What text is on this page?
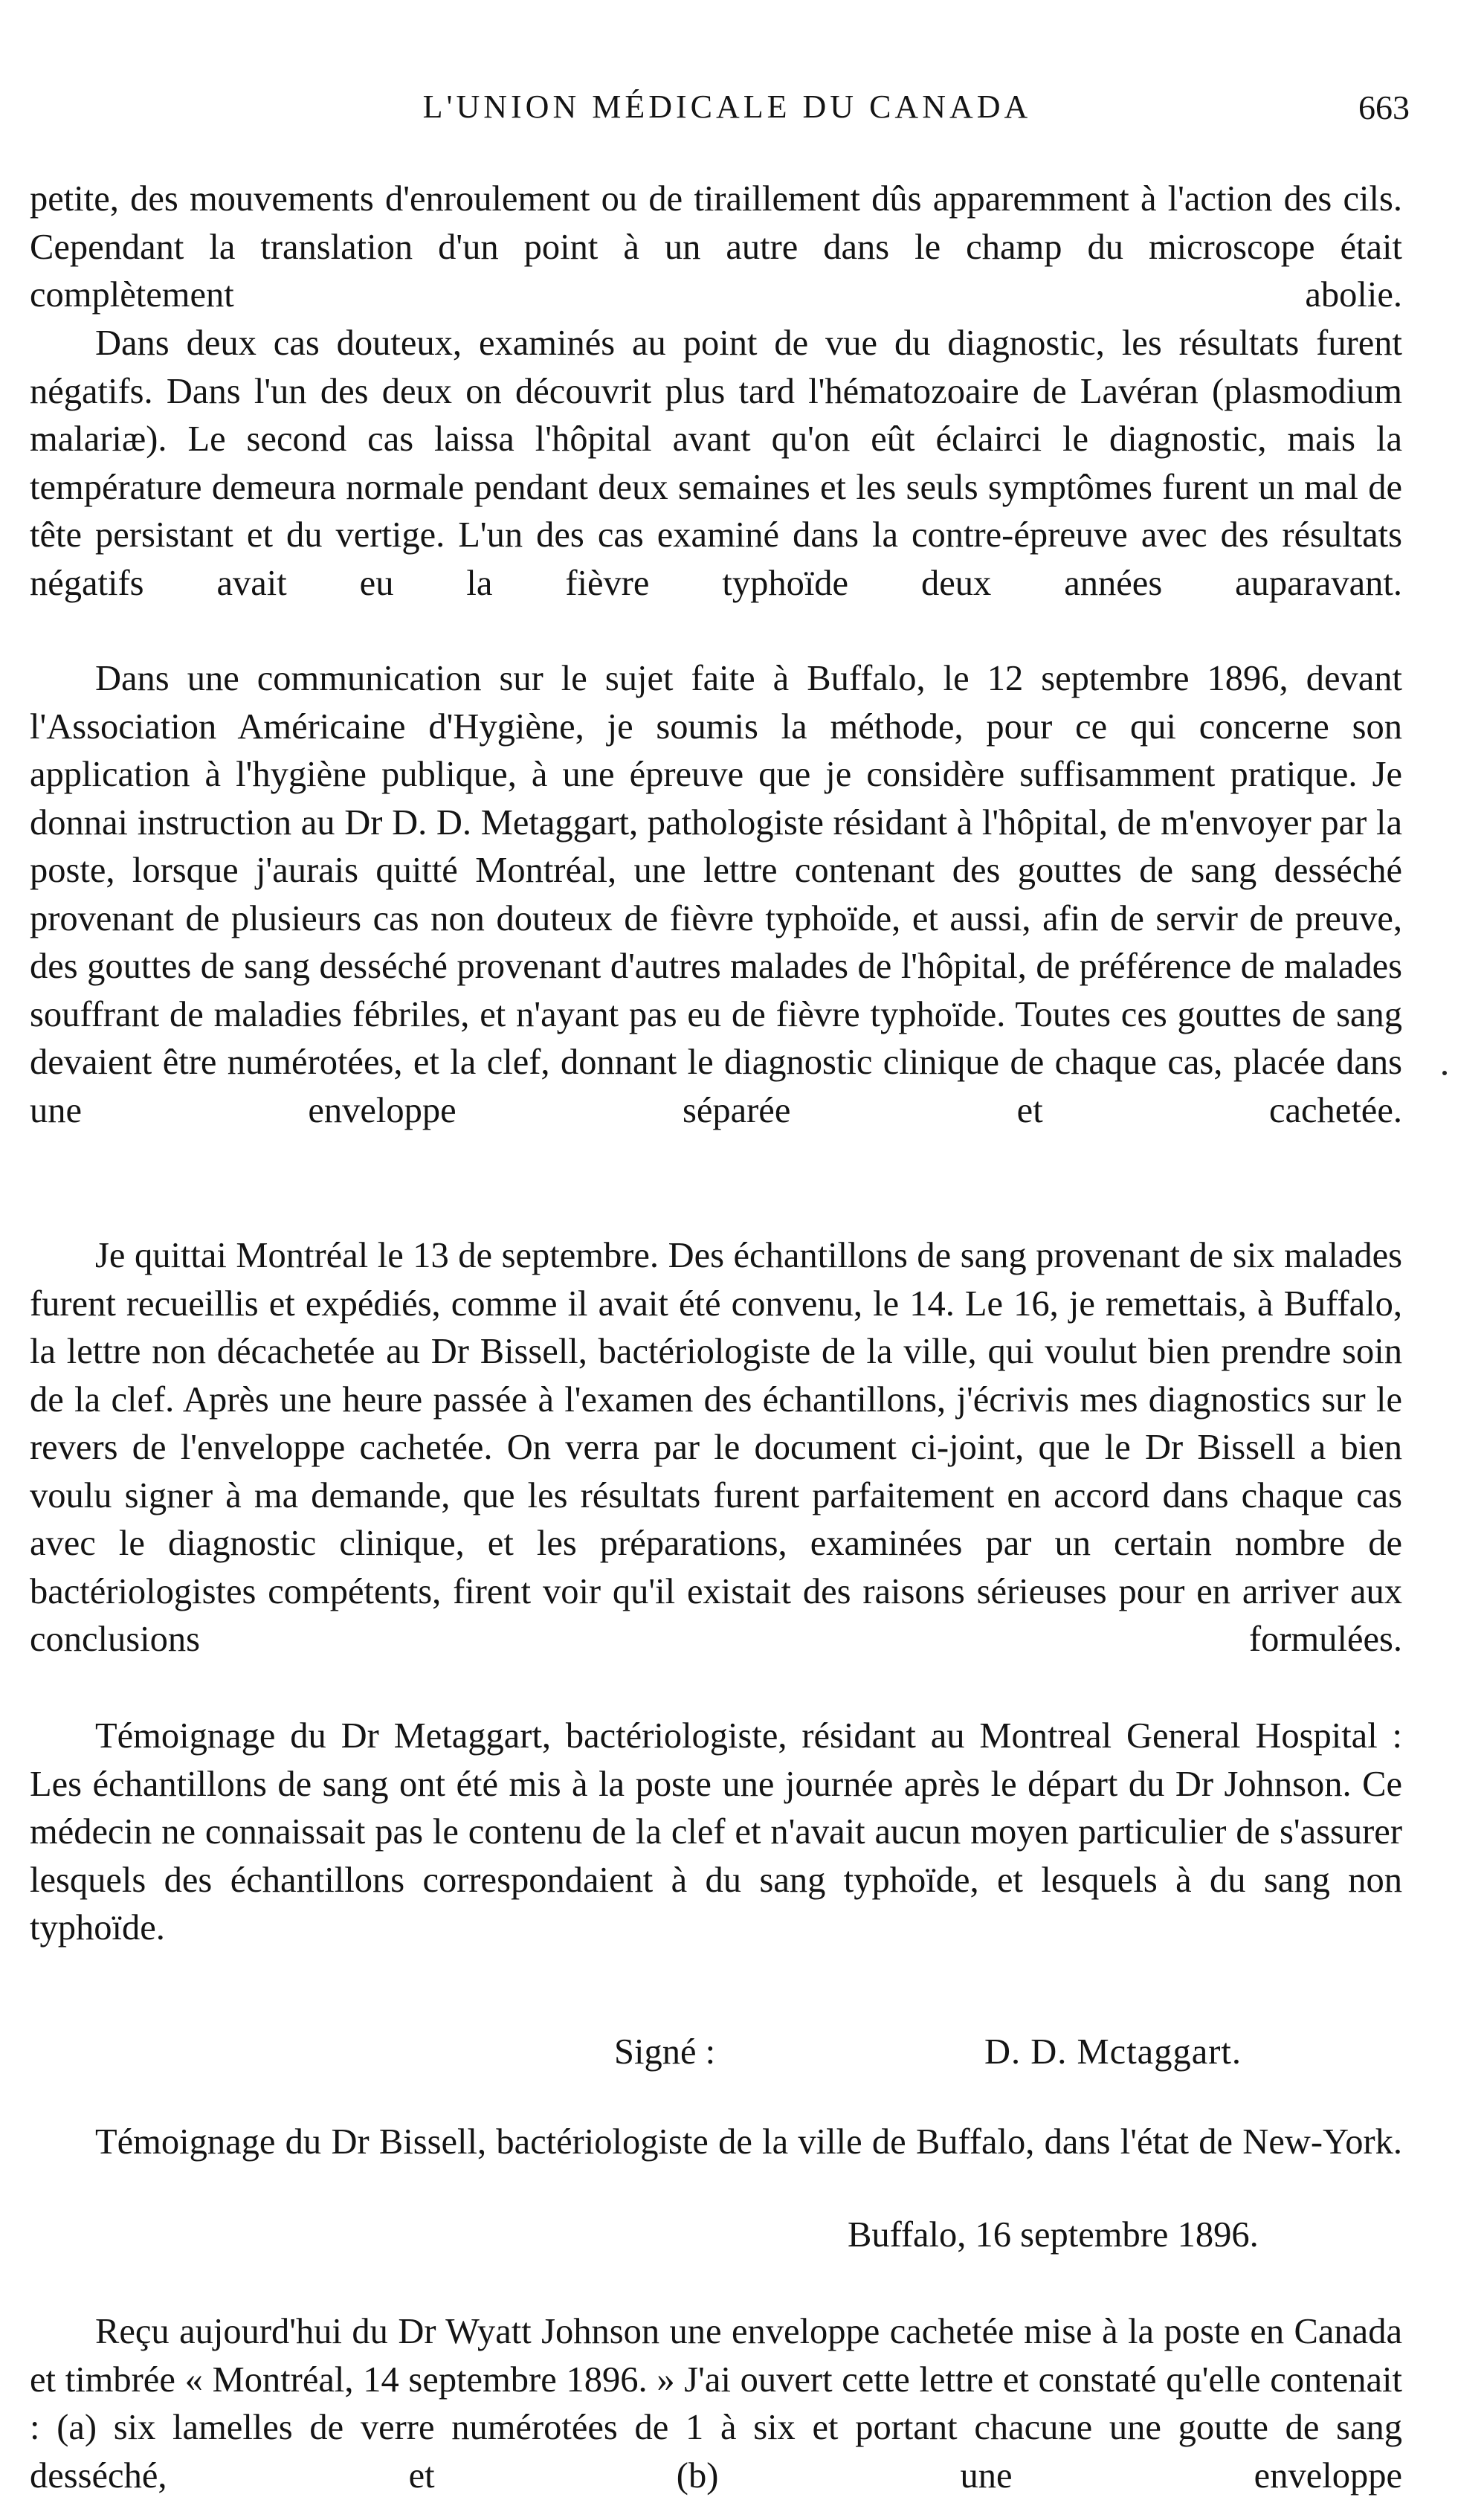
L'UNION MÉDICALE DU CANADA	663
petite, des mouvements d'enroulement ou de tiraillement dûs apparemment à l'action des cils. Cependant la translation d'un point à un autre dans le champ du microscope était complètement abolie.
Dans deux cas douteux, examinés au point de vue du diagnostic, les résultats furent négatifs. Dans l'un des deux on découvrit plus tard l'hématozoaire de Lavéran (plasmodium malariæ). Le second cas laissa l'hôpital avant qu'on eût éclairci le diagnostic, mais la température demeura normale pendant deux semaines et les seuls symptômes furent un mal de tête persistant et du vertige. L'un des cas examiné dans la contre-épreuve avec des résultats négatifs avait eu la fièvre typhoïde deux années auparavant.
Dans une communication sur le sujet faite à Buffalo, le 12 septembre 1896, devant l'Association Américaine d'Hygiène, je soumis la méthode, pour ce qui concerne son application à l'hygiène publique, à une épreuve que je considère suffisamment pratique. Je donnai instruction au Dr D. D. Metaggart, pathologiste résidant à l'hôpital, de m'envoyer par la poste, lorsque j'aurais quitté Montréal, une lettre contenant des gouttes de sang desséché provenant de plusieurs cas non douteux de fièvre typhoïde, et aussi, afin de servir de preuve, des gouttes de sang desséché provenant d'autres malades de l'hôpital, de préférence de malades souffrant de maladies fébriles, et n'ayant pas eu de fièvre typhoïde. Toutes ces gouttes de sang devaient être numérotées, et la clef, donnant le diagnostic clinique de chaque cas, placée dans une enveloppe séparée et cachetée.
Je quittai Montréal le 13 de septembre. Des échantillons de sang provenant de six malades furent recueillis et expédiés, comme il avait été convenu, le 14. Le 16, je remettais, à Buffalo, la lettre non décachetée au Dr Bissell, bactériologiste de la ville, qui voulut bien prendre soin de la clef. Après une heure passée à l'examen des échantillons, j'écrivis mes diagnostics sur le revers de l'enveloppe cachetée. On verra par le document ci-joint, que le Dr Bissell a bien voulu signer à ma demande, que les résultats furent parfaitement en accord dans chaque cas avec le diagnostic clinique, et les préparations, examinées par un certain nombre de bactériologistes compétents, firent voir qu'il existait des raisons sérieuses pour en arriver aux conclusions formulées.
Témoignage du Dr Metaggart, bactériologiste, résidant au Montreal General Hospital : Les échantillons de sang ont été mis à la poste une journée après le départ du Dr Johnson. Ce médecin ne connaissait pas le contenu de la clef et n'avait aucun moyen particulier de s'assurer lesquels des échantillons correspondaient à du sang typhoïde, et lesquels à du sang non typhoïde.
Signé :	D. D. Mctaggart.
Témoignage du Dr Bissell, bactériologiste de la ville de Buffalo, dans l'état de New-York.
Buffalo, 16 septembre 1896.
Reçu aujourd'hui du Dr Wyatt Johnson une enveloppe cachetée mise à la poste en Canada et timbrée « Montréal, 14 septembre 1896. » J'ai ouvert cette lettre et constaté qu'elle contenait : (a) six lamelles de verre numérotées de 1 à six et portant chacune une goutte de sang desséché, et (b) une enveloppe
